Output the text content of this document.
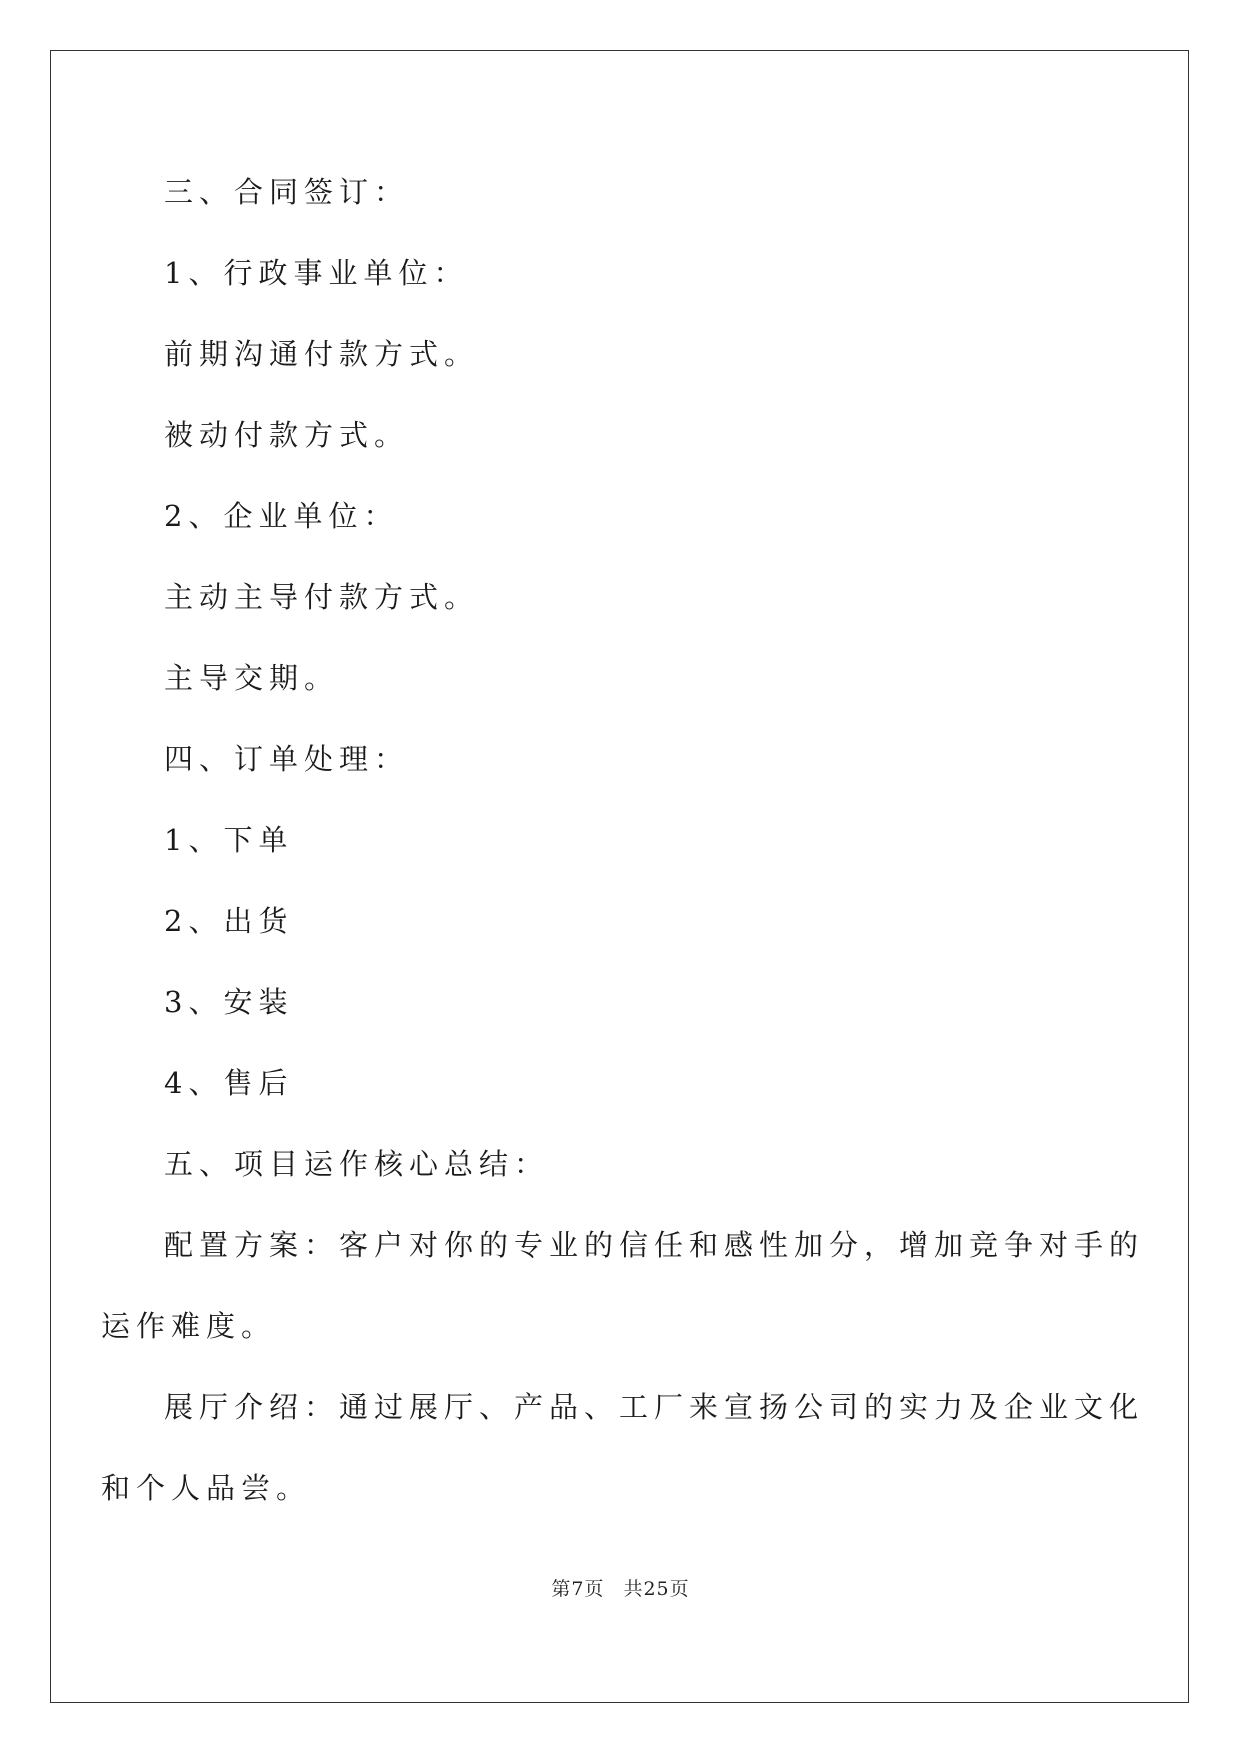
三、合同签订：
1、行政事业单位：
前期沟通付款方式。
被动付款方式。
2、企业单位：
主动主导付款方式。
主导交期。
四、订单处理：
1、下单
2、出货
3、安装
4、售后
五、项目运作核心总结：
配置方案：客户对你的专业的信任和感性加分，增加竞争对手的
运作难度。
展厅介绍：通过展厅、产品、工厂来宣扬公司的实力及企业文化
和个人品尝。
第7页 共25页
